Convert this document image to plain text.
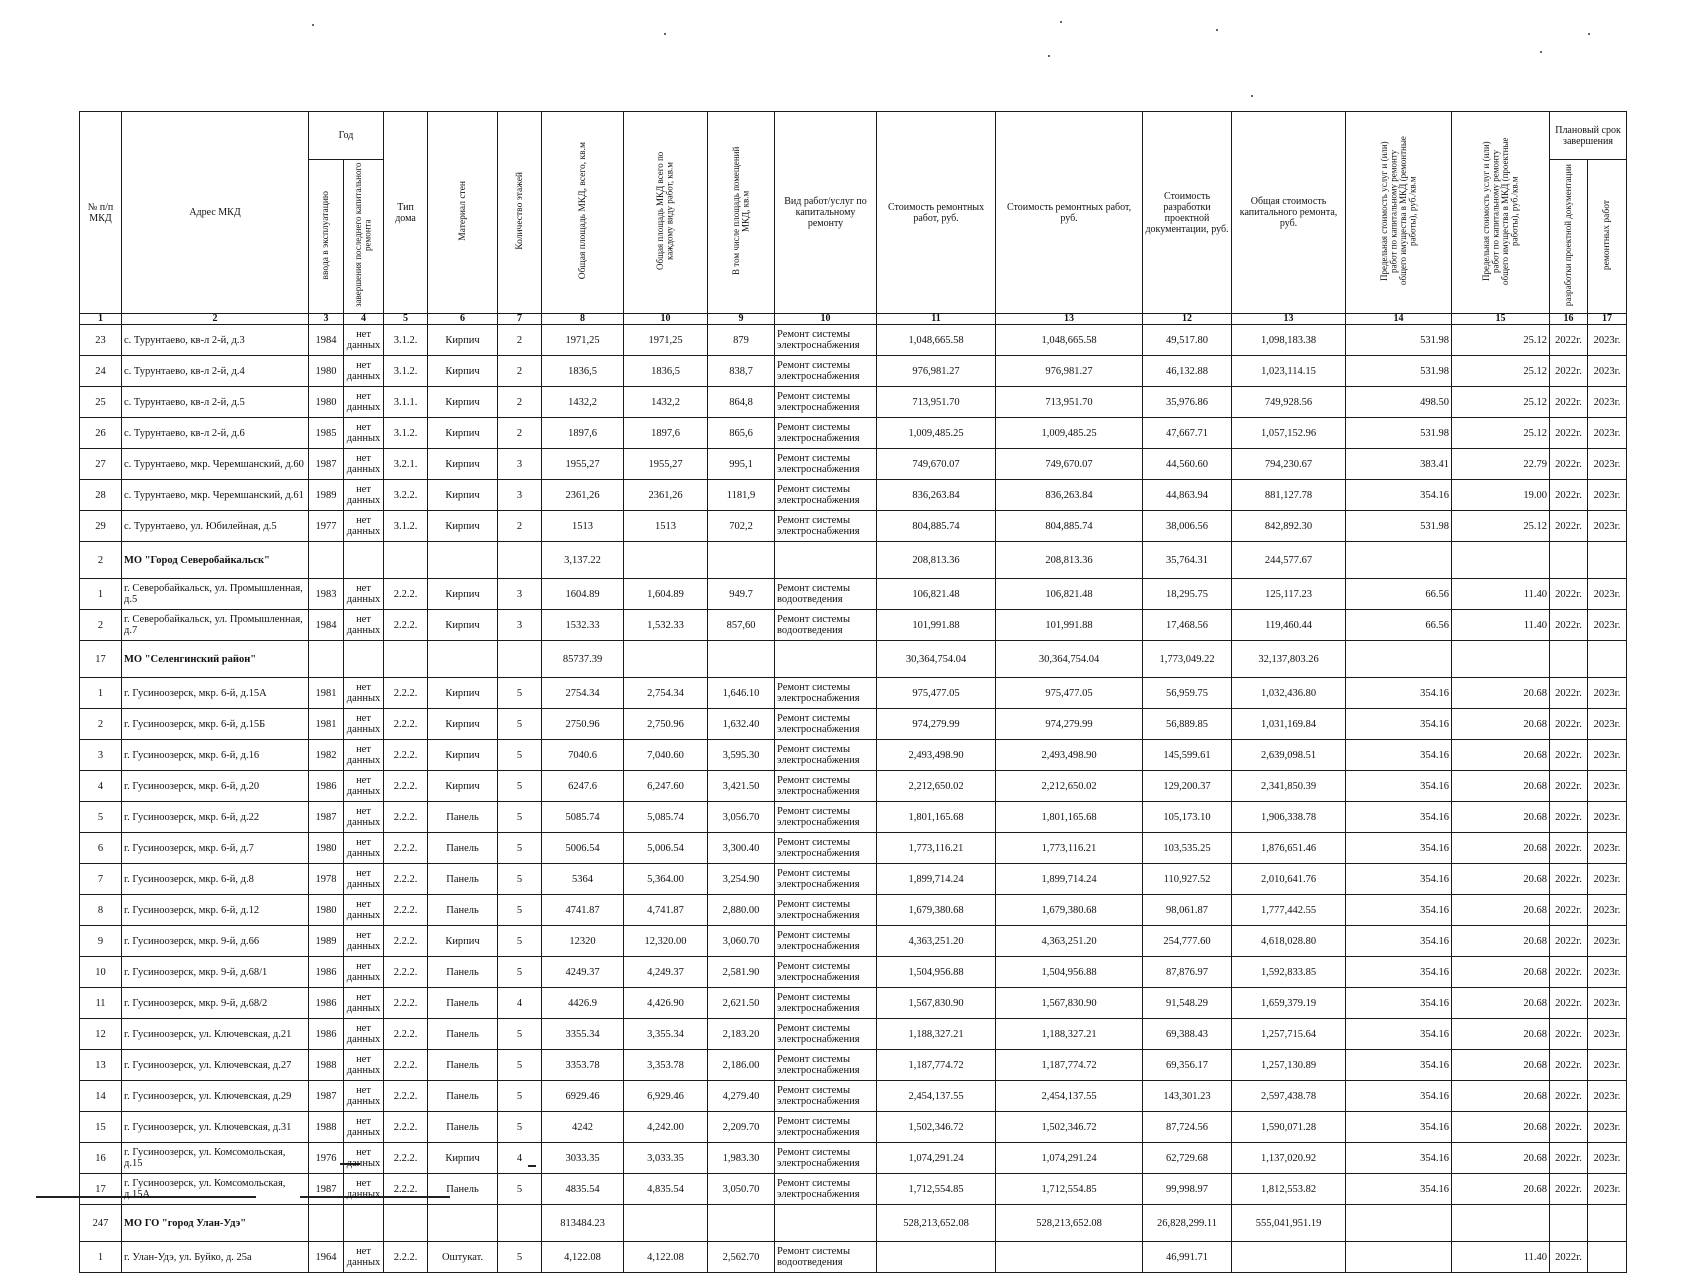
№ п/п МКД	Адрес МКД	Год		Тип дома	Материал стен	Количество этажей	Общая площадь МКД, всего, кв.м	Общая площадь МКД всего по каждому виду работ, кв.м	В том числе площадь помещений МКД, кв.м	Вид работ/услуг по капитальному ремонту	Стоимость ремонтных работ, руб.	Стоимость ремонтных работ, руб.	Стоимость разработки проектной документации, руб.	Общая стоимость капитального ремонта, руб.	Предельная стоимость услуг и (или) работ по капитальному ремонту общего имущества в МКД (ремонтные работы), руб./кв.м	Предельная стоимость услуг и (или) работ по капитальному ремонту общего имущества в МКД (проектные работы), руб./кв.м	Плановый срок завершения	
		ввода в эксплуатацию	завершения последнего капитального ремонта														разработки проектной документации	ремонтных работ
1	2	3	4	5	6	7	8	10	9	10	11	13	12	13	14	15	16	17
23	с. Турунтаево, кв-л 2-й, д.3	1984	нет данных	3.1.2.	Кирпич	2	1971,25	1971,25	879	Ремонт системы электроснабжения	1,048,665.58	1,048,665.58	49,517.80	1,098,183.38	531.98	25.12	2022г.	2023г.
24	с. Турунтаево, кв-л 2-й, д.4	1980	нет данных	3.1.2.	Кирпич	2	1836,5	1836,5	838,7	Ремонт системы электроснабжения	976,981.27	976,981.27	46,132.88	1,023,114.15	531.98	25.12	2022г.	2023г.
25	с. Турунтаево, кв-л 2-й, д.5	1980	нет данных	3.1.1.	Кирпич	2	1432,2	1432,2	864,8	Ремонт системы электроснабжения	713,951.70	713,951.70	35,976.86	749,928.56	498.50	25.12	2022г.	2023г.
26	с. Турунтаево, кв-л 2-й, д.6	1985	нет данных	3.1.2.	Кирпич	2	1897,6	1897,6	865,6	Ремонт системы электроснабжения	1,009,485.25	1,009,485.25	47,667.71	1,057,152.96	531.98	25.12	2022г.	2023г.
27	с. Турунтаево, мкр. Черемшанский, д.60	1987	нет данных	3.2.1.	Кирпич	3	1955,27	1955,27	995,1	Ремонт системы электроснабжения	749,670.07	749,670.07	44,560.60	794,230.67	383.41	22.79	2022г.	2023г.
28	с. Турунтаево, мкр. Черемшанский, д.61	1989	нет данных	3.2.2.	Кирпич	3	2361,26	2361,26	1181,9	Ремонт системы электроснабжения	836,263.84	836,263.84	44,863.94	881,127.78	354.16	19.00	2022г.	2023г.
29	с. Турунтаево, ул. Юбилейная, д.5	1977	нет данных	3.1.2.	Кирпич	2	1513	1513	702,2	Ремонт системы электроснабжения	804,885.74	804,885.74	38,006.56	842,892.30	531.98	25.12	2022г.	2023г.
2	МО "Город Северобайкальск"						3,137.22				208,813.36	208,813.36	35,764.31	244,577.67				
1	г. Северобайкальск, ул. Промышленная, д.5	1983	нет данных	2.2.2.	Кирпич	3	1604.89	1,604.89	949.7	Ремонт системы водоотведения	106,821.48	106,821.48	18,295.75	125,117.23	66.56	11.40	2022г.	2023г.
2	г. Северобайкальск, ул. Промышленная, д.7	1984	нет данных	2.2.2.	Кирпич	3	1532.33	1,532.33	857,60	Ремонт системы водоотведения	101,991.88	101,991.88	17,468.56	119,460.44	66.56	11.40	2022г.	2023г.
17	МО "Селенгинский район"						85737.39				30,364,754.04	30,364,754.04	1,773,049.22	32,137,803.26				
1	г. Гусиноозерск, мкр. 6-й, д.15А	1981	нет данных	2.2.2.	Кирпич	5	2754.34	2,754.34	1,646.10	Ремонт системы электроснабжения	975,477.05	975,477.05	56,959.75	1,032,436.80	354.16	20.68	2022г.	2023г.
2	г. Гусиноозерск, мкр. 6-й, д.15Б	1981	нет данных	2.2.2.	Кирпич	5	2750.96	2,750.96	1,632.40	Ремонт системы электроснабжения	974,279.99	974,279.99	56,889.85	1,031,169.84	354.16	20.68	2022г.	2023г.
3	г. Гусиноозерск, мкр. 6-й, д.16	1982	нет данных	2.2.2.	Кирпич	5	7040.6	7,040.60	3,595.30	Ремонт системы электроснабжения	2,493,498.90	2,493,498.90	145,599.61	2,639,098.51	354.16	20.68	2022г.	2023г.
4	г. Гусиноозерск, мкр. 6-й, д.20	1986	нет данных	2.2.2.	Кирпич	5	6247.6	6,247.60	3,421.50	Ремонт системы электроснабжения	2,212,650.02	2,212,650.02	129,200.37	2,341,850.39	354.16	20.68	2022г.	2023г.
5	г. Гусиноозерск, мкр. 6-й, д.22	1987	нет данных	2.2.2.	Панель	5	5085.74	5,085.74	3,056.70	Ремонт системы электроснабжения	1,801,165.68	1,801,165.68	105,173.10	1,906,338.78	354.16	20.68	2022г.	2023г.
6	г. Гусиноозерск, мкр. 6-й, д.7	1980	нет данных	2.2.2.	Панель	5	5006.54	5,006.54	3,300.40	Ремонт системы электроснабжения	1,773,116.21	1,773,116.21	103,535.25	1,876,651.46	354.16	20.68	2022г.	2023г.
7	г. Гусиноозерск, мкр. 6-й, д.8	1978	нет данных	2.2.2.	Панель	5	5364	5,364.00	3,254.90	Ремонт системы электроснабжения	1,899,714.24	1,899,714.24	110,927.52	2,010,641.76	354.16	20.68	2022г.	2023г.
8	г. Гусиноозерск, мкр. 6-й, д.12	1980	нет данных	2.2.2.	Панель	5	4741.87	4,741.87	2,880.00	Ремонт системы электроснабжения	1,679,380.68	1,679,380.68	98,061.87	1,777,442.55	354.16	20.68	2022г.	2023г.
9	г. Гусиноозерск, мкр. 9-й, д.66	1989	нет данных	2.2.2.	Кирпич	5	12320	12,320.00	3,060.70	Ремонт системы электроснабжения	4,363,251.20	4,363,251.20	254,777.60	4,618,028.80	354.16	20.68	2022г.	2023г.
10	г. Гусиноозерск, мкр. 9-й, д.68/1	1986	нет данных	2.2.2.	Панель	5	4249.37	4,249.37	2,581.90	Ремонт системы электроснабжения	1,504,956.88	1,504,956.88	87,876.97	1,592,833.85	354.16	20.68	2022г.	2023г.
11	г. Гусиноозерск, мкр. 9-й, д.68/2	1986	нет данных	2.2.2.	Панель	4	4426.9	4,426.90	2,621.50	Ремонт системы электроснабжения	1,567,830.90	1,567,830.90	91,548.29	1,659,379.19	354.16	20.68	2022г.	2023г.
12	г. Гусиноозерск, ул. Ключевская, д.21	1986	нет данных	2.2.2.	Панель	5	3355.34	3,355.34	2,183.20	Ремонт системы электроснабжения	1,188,327.21	1,188,327.21	69,388.43	1,257,715.64	354.16	20.68	2022г.	2023г.
13	г. Гусиноозерск, ул. Ключевская, д.27	1988	нет данных	2.2.2.	Панель	5	3353.78	3,353.78	2,186.00	Ремонт системы электроснабжения	1,187,774.72	1,187,774.72	69,356.17	1,257,130.89	354.16	20.68	2022г.	2023г.
14	г. Гусиноозерск, ул. Ключевская, д.29	1987	нет данных	2.2.2.	Панель	5	6929.46	6,929.46	4,279.40	Ремонт системы электроснабжения	2,454,137.55	2,454,137.55	143,301.23	2,597,438.78	354.16	20.68	2022г.	2023г.
15	г. Гусиноозерск, ул. Ключевская, д.31	1988	нет данных	2.2.2.	Панель	5	4242	4,242.00	2,209.70	Ремонт системы электроснабжения	1,502,346.72	1,502,346.72	87,724.56	1,590,071.28	354.16	20.68	2022г.	2023г.
16	г. Гусиноозерск, ул. Комсомольская, д.15	1976	нет данных	2.2.2.	Кирпич	4	3033.35	3,033.35	1,983.30	Ремонт системы электроснабжения	1,074,291.24	1,074,291.24	62,729.68	1,137,020.92	354.16	20.68	2022г.	2023г.
17	г. Гусиноозерск, ул. Комсомольская, д.15А	1987	нет данных	2.2.2.	Панель	5	4835.54	4,835.54	3,050.70	Ремонт системы электроснабжения	1,712,554.85	1,712,554.85	99,998.97	1,812,553.82	354.16	20.68	2022г.	2023г.
247	МО ГО "город Улан-Удэ"						813484.23				528,213,652.08	528,213,652.08	26,828,299.11	555,041,951.19				
1	г. Улан-Удэ, ул. Буйко, д. 25а	1964	нет данных	2.2.2.	Оштукат.	5	4,122.08	4,122.08	2,562.70	Ремонт системы водоотведения			46,991.71			11.40	2022г.	
